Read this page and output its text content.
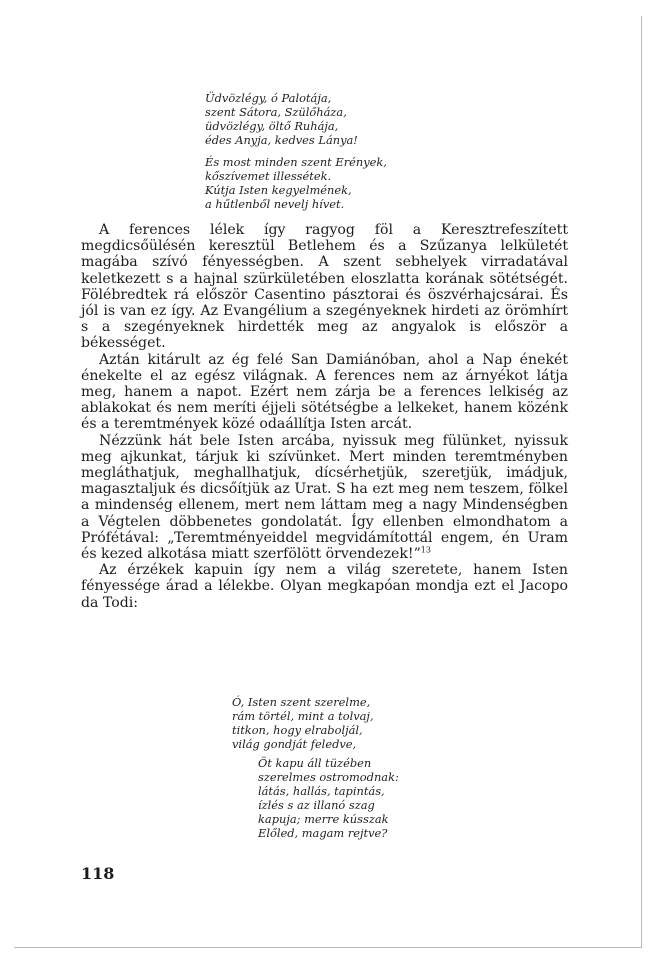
Üdvözlégy, ó Palotája,
szent Sátora, Szülőháza,
üdvözlégy, öltő Ruhája,
édes Anyja, kedves Lánya!
És most minden szent Erények,
kőszívemet illessétek.
Kútja Isten kegyelmének,
a hűtlenből nevelj hívet.

A ferences lélek így ragyog föl a Keresztrefeszített megdicsőülésén keresztül Betlehem és a Szűzanya lelkületét magába szívó fényességben. A szent sebhelyek virradatával keletkezett s a hajnal szürkületében eloszlatta korának sötétségét. Fölébredtek rá először Casentino pásztorai és öszvérhajcsárai. És jól is van ez így. Az Evangélium a szegényeknek hirdeti az örömhírt s a szegényeknek hirdették meg az angyalok is először a békességet.

Aztán kitárult az ég felé San Damiánóban, ahol a Nap énekét énekelte el az egész világnak. A ferences nem az árnyékot látja meg, hanem a napot. Ezért nem zárja be a ferences lelkiség az ablakokat és nem meríti éjjeli sötétségbe a lelkeket, hanem közénk és a teremtmények közé odaállítja Isten arcát.

Nézzünk hát bele Isten arcába, nyissuk meg fülünket, nyissuk meg ajkunkat, tárjuk ki szívünket. Mert minden teremtményben megláthatjuk, meghallhatjuk, dícsérhetjük, szeretjük, imádjuk, magasztaljuk és dicsőítjük az Urat. S ha ezt meg nem teszem, fölkel a mindenség ellenem, mert nem láttam meg a nagy Mindenségben a Végtelen döbbenetes gondolatát. Így ellenben elmondhatom a Prófétával: „Teremtményeiddel megvidámítottál engem, én Uram és kezed alkotása miatt szerfölött örvendezek!”$^{13}$

Az érzékek kapuin így nem a világ szeretete, hanem Isten fényessége árad a lélekbe. Olyan megkapóan mondja ezt el Jacopo da Todi:

Ó, Isten szent szerelme,
rám törtél, mint a tolvaj,
titkon, hogy elraboljál,
világ gondját feledve,
Öt kapu áll tüzében
szerelmes ostromodnak:
látás, hallás, tapintás,
ízlés s az illanó szag
kapuja; merre kússzak
Előled, magam rejtve?
118
